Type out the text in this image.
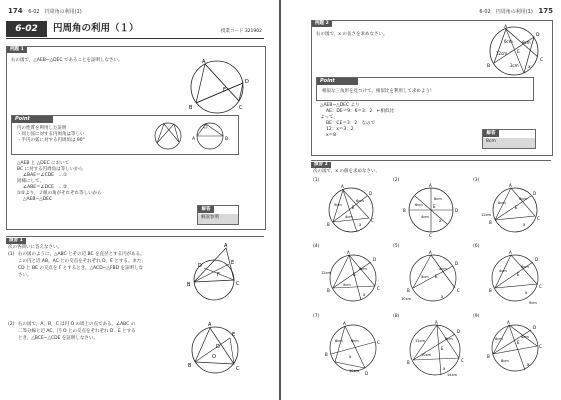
174 6-02　円周角の利用(1)
6-02	円周角の利用（１）	授業コード 321902
例題 1
右の図で，△AEB∽△DEC であることを証明しなさい。	A
B	C
D
E
Point
円の性質を利用した証明
・同じ弧に対する円周角は等しい
・半円の弧に対する円周角は 90°	A	B
△AEB と △DEC において
BC に対する円周角は等しいから
∠BAE＝∠CDE　…①
同様にして，
∠ABE＝∠DCE　…②
①②より，２組の角がそれぞれ等しいから
△AEB∽△DEC
解答
解説参照
演習 1
次の各問いに答えなさい。
(1) 右の図のように，△ABC とその辺 BC を直径とする円がある。
この円と辺 AB，AC との交点をそれぞれ D，E とする。また，
CD と BE の交点を F とするとき，△ACD∽△FBD を証明しな
さい。
A
B	C
D	E
F
(2) 右の図で，A，B，C は円 O の周上の点である。∠ABC の
二等分線と辺 AC，円 O との交点をそれぞれ D，E とする
とき，△BCE∽△CDE を証明しなさい。
A
B	C
D
E
O
6-02　円周角の利用(1) 175
例題 2
右の図で，x の長さを求めなさい。
A
B
C
D
E
x
6cm 9cm
12cm
3cm
Point
相似な三角形を見つけて，相似比を利用して求めよう！
△AEB∽△DEC より
AE：DE＝9：6＝3：2　←相似比
よって，
BE：CE＝3：2　なので
12：x＝3：2
x＝8	解答
8cm
演習 2
次の図で，x の値を求めなさい。
(1)
A
B
C
D
E
x
5cm
6cm
4cm
(2)
A
B
C
D
E
x
6cm
8cm
4cm
(3)
A
B
C
D
E
x
8cm
6cm
12cm
(4)
A
B	C
D
E
x
12cm
8cm
9cm
(5)
A
B	C
D
E
x
10cm
4cm
5cm
(6)
A
B
C
D
E
x
4cm
6cm
9cm
(7)
A
B
C
D
x
6cm
8cm
10cm
(8)
A
B	C
D
E
x
12cm	8cm
10cm
14cm
(9)
A
B
C
D
E
x
6cm	4cm
8cm
